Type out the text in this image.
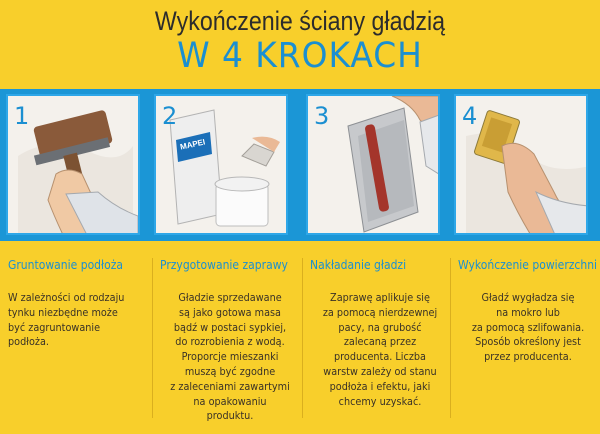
Wykończenie ściany gładzią
W 4 KROKACH
1	2
MAPEI
3	4
Gruntowanie podłoża
W zależności od rodzaju
tynku niezbędne może
być zagruntowanie
podłoża.
Przygotowanie zaprawy
Gładzie sprzedawane
są jako gotowa masa
bądź w postaci sypkiej,
do rozrobienia z wodą.
Proporcje mieszanki
muszą być zgodne
z zaleceniami zawartymi
na opakowaniu
produktu.
Nakładanie gładzi
Zaprawę aplikuje się
za pomocą nierdzewnej
pacy, na grubość
zalecaną przez
producenta. Liczba
warstw zależy od stanu
podłoża i efektu, jaki
chcemy uzyskać.
Wykończenie powierzchni
Gładź wygładza się
na mokro lub
za pomocą szlifowania.
Sposób określony jest
przez producenta.
